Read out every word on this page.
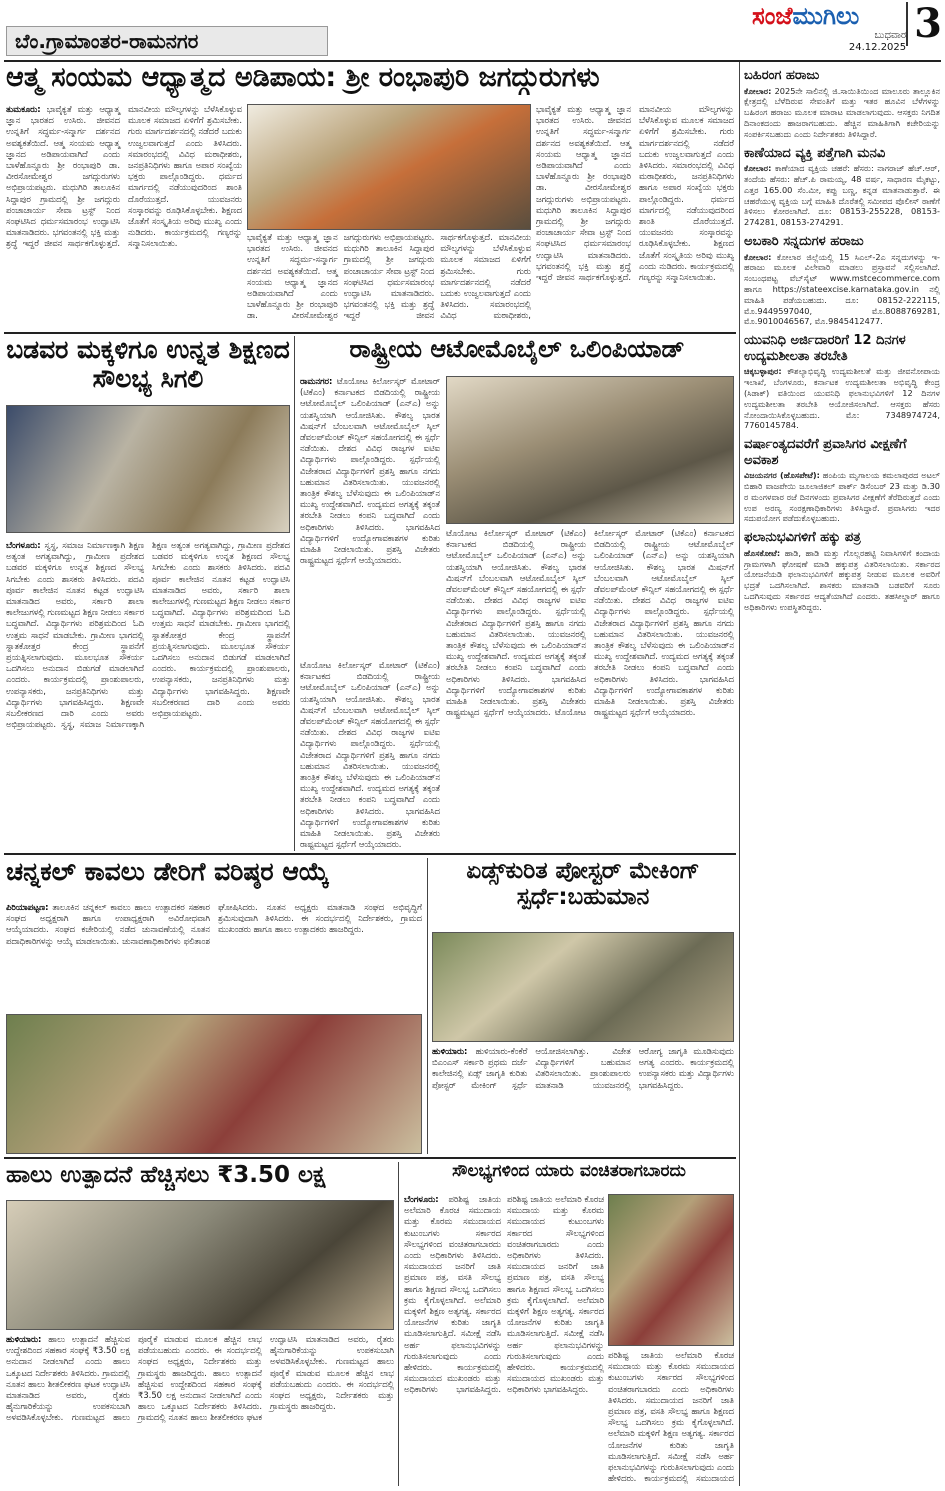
ಬೆಂ.ಗ್ರಾಮಾಂತರ-ರಾಮನಗರ
ಸಂಜೆಮುಗಿಲು
ಬುಧವಾರ
24.12.2025
3
ಆತ್ಮ ಸಂಯಮ ಆಧ್ಯಾತ್ಮದ ಅಡಿಪಾಯ: ಶ್ರೀ ರಂಭಾಪುರಿ ಜಗದ್ಗುರುಗಳು
ತುಮಕೂರು: ಭಾವೈಕ್ಯತೆ ಮತ್ತು ಆಧ್ಯಾತ್ಮ ಜ್ಞಾನ ಭಾರತದ ಉಸಿರು. ಜೀವನದ ಉನ್ನತಿಗೆ ಸದ್ಧರ್ಮ-ಸನ್ಮಾರ್ಗ ದರ್ಶನದ ಅವಶ್ಯಕತೆಯಿದೆ. ಆತ್ಮ ಸಂಯಮ ಆಧ್ಯಾತ್ಮ ಜ್ಞಾನದ ಅಡಿಪಾಯವಾಗಿದೆ ಎಂದು ಬಾಳೆಹೊನ್ನೂರು ಶ್ರೀ ರಂಭಾಪುರಿ ಡಾ. ವೀರಸೋಮೇಶ್ವರ ಜಗದ್ಗುರುಗಳು ಅಭಿಪ್ರಾಯಪಟ್ಟರು. ಮಧುಗಿರಿ ತಾಲೂಕಿನ ಸಿದ್ದಾಪುರ ಗ್ರಾಮದಲ್ಲಿ ಶ್ರೀ ಜಗದ್ಗುರು ಪಂಚಾಚಾರ್ಯ ಸೇವಾ ಟ್ರಸ್ಟ್ ನಿಂದ ಸಂಘಟಿಸಿದ ಧರ್ಮಸಮಾರಂಭ ಉದ್ಘಾಟಿಸಿ ಮಾತನಾಡಿದರು. ಭಗವಂತನಲ್ಲಿ ಭಕ್ತಿ ಮತ್ತು ಶ್ರದ್ಧೆ ಇದ್ದರೆ ಜೀವನ ಸಾರ್ಥಕಗೊಳ್ಳುತ್ತದೆ. ಮಾನವೀಯ ಮೌಲ್ಯಗಳನ್ನು ಬೆಳೆಸಿಕೊಳ್ಳುವ ಮೂಲಕ ಸಮಾಜದ ಏಳಿಗೆಗೆ ಶ್ರಮಿಸಬೇಕು. ಗುರು ಮಾರ್ಗದರ್ಶನದಲ್ಲಿ ನಡೆದರೆ ಬದುಕು ಉಜ್ವಲವಾಗುತ್ತದೆ ಎಂದು ತಿಳಿಸಿದರು. ಸಮಾರಂಭದಲ್ಲಿ ವಿವಿಧ ಮಠಾಧೀಶರು, ಜನಪ್ರತಿನಿಧಿಗಳು ಹಾಗೂ ಅಪಾರ ಸಂಖ್ಯೆಯ ಭಕ್ತರು ಪಾಲ್ಗೊಂಡಿದ್ದರು. ಧರ್ಮದ ಮಾರ್ಗದಲ್ಲಿ ನಡೆಯುವುದರಿಂದ ಶಾಂತಿ ದೊರೆಯುತ್ತದೆ. ಯುವಜನರು ಸಂಸ್ಕಾರವನ್ನು ರೂಢಿಸಿಕೊಳ್ಳಬೇಕು. ಶಿಕ್ಷಣದ ಜೊತೆಗೆ ಸಂಸ್ಕೃತಿಯ ಅರಿವು ಮುಖ್ಯ ಎಂದು ನುಡಿದರು. ಕಾರ್ಯಕ್ರಮದಲ್ಲಿ ಗಣ್ಯರನ್ನು ಸನ್ಮಾನಿಸಲಾಯಿತು.
ಭಾವೈಕ್ಯತೆ ಮತ್ತು ಆಧ್ಯಾತ್ಮ ಜ್ಞಾನ ಭಾರತದ ಉಸಿರು. ಜೀವನದ ಉನ್ನತಿಗೆ ಸದ್ಧರ್ಮ-ಸನ್ಮಾರ್ಗ ದರ್ಶನದ ಅವಶ್ಯಕತೆಯಿದೆ. ಆತ್ಮ ಸಂಯಮ ಆಧ್ಯಾತ್ಮ ಜ್ಞಾನದ ಅಡಿಪಾಯವಾಗಿದೆ ಎಂದು ಬಾಳೆಹೊನ್ನೂರು ಶ್ರೀ ರಂಭಾಪುರಿ ಡಾ. ವೀರಸೋಮೇಶ್ವರ ಜಗದ್ಗುರುಗಳು ಅಭಿಪ್ರಾಯಪಟ್ಟರು. ಮಧುಗಿರಿ ತಾಲೂಕಿನ ಸಿದ್ದಾಪುರ ಗ್ರಾಮದಲ್ಲಿ ಶ್ರೀ ಜಗದ್ಗುರು ಪಂಚಾಚಾರ್ಯ ಸೇವಾ ಟ್ರಸ್ಟ್ ನಿಂದ ಸಂಘಟಿಸಿದ ಧರ್ಮಸಮಾರಂಭ ಉದ್ಘಾಟಿಸಿ ಮಾತನಾಡಿದರು. ಭಗವಂತನಲ್ಲಿ ಭಕ್ತಿ ಮತ್ತು ಶ್ರದ್ಧೆ ಇದ್ದರೆ ಜೀವನ ಸಾರ್ಥಕಗೊಳ್ಳುತ್ತದೆ. ಮಾನವೀಯ ಮೌಲ್ಯಗಳನ್ನು ಬೆಳೆಸಿಕೊಳ್ಳುವ ಮೂಲಕ ಸಮಾಜದ ಏಳಿಗೆಗೆ ಶ್ರಮಿಸಬೇಕು. ಗುರು ಮಾರ್ಗದರ್ಶನದಲ್ಲಿ ನಡೆದರೆ ಬದುಕು ಉಜ್ವಲವಾಗುತ್ತದೆ ಎಂದು ತಿಳಿಸಿದರು. ಸಮಾರಂಭದಲ್ಲಿ ವಿವಿಧ ಮಠಾಧೀಶರು,
ಭಾವೈಕ್ಯತೆ ಮತ್ತು ಆಧ್ಯಾತ್ಮ ಜ್ಞಾನ ಭಾರತದ ಉಸಿರು. ಜೀವನದ ಉನ್ನತಿಗೆ ಸದ್ಧರ್ಮ-ಸನ್ಮಾರ್ಗ ದರ್ಶನದ ಅವಶ್ಯಕತೆಯಿದೆ. ಆತ್ಮ ಸಂಯಮ ಆಧ್ಯಾತ್ಮ ಜ್ಞಾನದ ಅಡಿಪಾಯವಾಗಿದೆ ಎಂದು ಬಾಳೆಹೊನ್ನೂರು ಶ್ರೀ ರಂಭಾಪುರಿ ಡಾ. ವೀರಸೋಮೇಶ್ವರ ಜಗದ್ಗುರುಗಳು ಅಭಿಪ್ರಾಯಪಟ್ಟರು. ಮಧುಗಿರಿ ತಾಲೂಕಿನ ಸಿದ್ದಾಪುರ ಗ್ರಾಮದಲ್ಲಿ ಶ್ರೀ ಜಗದ್ಗುರು ಪಂಚಾಚಾರ್ಯ ಸೇವಾ ಟ್ರಸ್ಟ್ ನಿಂದ ಸಂಘಟಿಸಿದ ಧರ್ಮಸಮಾರಂಭ ಉದ್ಘಾಟಿಸಿ ಮಾತನಾಡಿದರು. ಭಗವಂತನಲ್ಲಿ ಭಕ್ತಿ ಮತ್ತು ಶ್ರದ್ಧೆ ಇದ್ದರೆ ಜೀವನ ಸಾರ್ಥಕಗೊಳ್ಳುತ್ತದೆ. ಮಾನವೀಯ ಮೌಲ್ಯಗಳನ್ನು ಬೆಳೆಸಿಕೊಳ್ಳುವ ಮೂಲಕ ಸಮಾಜದ ಏಳಿಗೆಗೆ ಶ್ರಮಿಸಬೇಕು. ಗುರು ಮಾರ್ಗದರ್ಶನದಲ್ಲಿ ನಡೆದರೆ ಬದುಕು ಉಜ್ವಲವಾಗುತ್ತದೆ ಎಂದು ತಿಳಿಸಿದರು. ಸಮಾರಂಭದಲ್ಲಿ ವಿವಿಧ ಮಠಾಧೀಶರು, ಜನಪ್ರತಿನಿಧಿಗಳು ಹಾಗೂ ಅಪಾರ ಸಂಖ್ಯೆಯ ಭಕ್ತರು ಪಾಲ್ಗೊಂಡಿದ್ದರು. ಧರ್ಮದ ಮಾರ್ಗದಲ್ಲಿ ನಡೆಯುವುದರಿಂದ ಶಾಂತಿ ದೊರೆಯುತ್ತದೆ. ಯುವಜನರು ಸಂಸ್ಕಾರವನ್ನು ರೂಢಿಸಿಕೊಳ್ಳಬೇಕು. ಶಿಕ್ಷಣದ ಜೊತೆಗೆ ಸಂಸ್ಕೃತಿಯ ಅರಿವು ಮುಖ್ಯ ಎಂದು ನುಡಿದರು. ಕಾರ್ಯಕ್ರಮದಲ್ಲಿ ಗಣ್ಯರನ್ನು ಸನ್ಮಾನಿಸಲಾಯಿತು.
ಬಡವರ ಮಕ್ಕಳಿಗೂ ಉನ್ನತ ಶಿಕ್ಷಣದ ಸೌಲಭ್ಯ ಸಿಗಲಿ
ಬೆಂಗಳೂರು: ಸ್ವಸ್ಥ, ಸಮಾಜ ನಿರ್ಮಾಣಕ್ಕಾಗಿ ಶಿಕ್ಷಣ ಅತ್ಯಂತ ಅಗತ್ಯವಾಗಿದ್ದು, ಗ್ರಾಮೀಣ ಪ್ರದೇಶದ ಬಡವರ ಮಕ್ಕಳಿಗೂ ಉನ್ನತ ಶಿಕ್ಷಣದ ಸೌಲಭ್ಯ ಸಿಗಬೇಕು ಎಂದು ಶಾಸಕರು ತಿಳಿಸಿದರು. ಪದವಿ ಪೂರ್ವ ಕಾಲೇಜಿನ ನೂತನ ಕಟ್ಟಡ ಉದ್ಘಾಟಿಸಿ ಮಾತನಾಡಿದ ಅವರು, ಸರ್ಕಾರಿ ಶಾಲಾ ಕಾಲೇಜುಗಳಲ್ಲಿ ಗುಣಮಟ್ಟದ ಶಿಕ್ಷಣ ನೀಡಲು ಸರ್ಕಾರ ಬದ್ಧವಾಗಿದೆ. ವಿದ್ಯಾರ್ಥಿಗಳು ಪರಿಶ್ರಮದಿಂದ ಓದಿ ಉತ್ತಮ ಸಾಧನೆ ಮಾಡಬೇಕು. ಗ್ರಾಮೀಣ ಭಾಗದಲ್ಲಿ ಸ್ನಾತಕೋತ್ತರ ಕೇಂದ್ರ ಸ್ಥಾಪನೆಗೆ ಪ್ರಯತ್ನಿಸಲಾಗುವುದು. ಮೂಲಭೂತ ಸೌಕರ್ಯ ಒದಗಿಸಲು ಅನುದಾನ ಬಿಡುಗಡೆ ಮಾಡಲಾಗಿದೆ ಎಂದರು. ಕಾರ್ಯಕ್ರಮದಲ್ಲಿ ಪ್ರಾಂಶುಪಾಲರು, ಉಪನ್ಯಾಸಕರು, ಜನಪ್ರತಿನಿಧಿಗಳು ಮತ್ತು ವಿದ್ಯಾರ್ಥಿಗಳು ಭಾಗವಹಿಸಿದ್ದರು. ಶಿಕ್ಷಣವೇ ಸಬಲೀಕರಣದ ದಾರಿ ಎಂದು ಅವರು ಅಭಿಪ್ರಾಯಪಟ್ಟರು. ಸ್ವಸ್ಥ, ಸಮಾಜ ನಿರ್ಮಾಣಕ್ಕಾಗಿ ಶಿಕ್ಷಣ ಅತ್ಯಂತ ಅಗತ್ಯವಾಗಿದ್ದು, ಗ್ರಾಮೀಣ ಪ್ರದೇಶದ ಬಡವರ ಮಕ್ಕಳಿಗೂ ಉನ್ನತ ಶಿಕ್ಷಣದ ಸೌಲಭ್ಯ ಸಿಗಬೇಕು ಎಂದು ಶಾಸಕರು ತಿಳಿಸಿದರು. ಪದವಿ ಪೂರ್ವ ಕಾಲೇಜಿನ ನೂತನ ಕಟ್ಟಡ ಉದ್ಘಾಟಿಸಿ ಮಾತನಾಡಿದ ಅವರು, ಸರ್ಕಾರಿ ಶಾಲಾ ಕಾಲೇಜುಗಳಲ್ಲಿ ಗುಣಮಟ್ಟದ ಶಿಕ್ಷಣ ನೀಡಲು ಸರ್ಕಾರ ಬದ್ಧವಾಗಿದೆ. ವಿದ್ಯಾರ್ಥಿಗಳು ಪರಿಶ್ರಮದಿಂದ ಓದಿ ಉತ್ತಮ ಸಾಧನೆ ಮಾಡಬೇಕು. ಗ್ರಾಮೀಣ ಭಾಗದಲ್ಲಿ ಸ್ನಾತಕೋತ್ತರ ಕೇಂದ್ರ ಸ್ಥಾಪನೆಗೆ ಪ್ರಯತ್ನಿಸಲಾಗುವುದು. ಮೂಲಭೂತ ಸೌಕರ್ಯ ಒದಗಿಸಲು ಅನುದಾನ ಬಿಡುಗಡೆ ಮಾಡಲಾಗಿದೆ ಎಂದರು. ಕಾರ್ಯಕ್ರಮದಲ್ಲಿ ಪ್ರಾಂಶುಪಾಲರು, ಉಪನ್ಯಾಸಕರು, ಜನಪ್ರತಿನಿಧಿಗಳು ಮತ್ತು ವಿದ್ಯಾರ್ಥಿಗಳು ಭಾಗವಹಿಸಿದ್ದರು. ಶಿಕ್ಷಣವೇ ಸಬಲೀಕರಣದ ದಾರಿ ಎಂದು ಅವರು ಅಭಿಪ್ರಾಯಪಟ್ಟರು.
ರಾಷ್ಟ್ರೀಯ ಆಟೋಮೊಬೈಲ್ ಒಲಿಂಪಿಯಾಡ್
ರಾಮನಗರ: ಟೊಯೋಟ ಕಿರ್ಲೋಸ್ಕರ್ ಮೋಟಾರ್ (ಟಿಕೆಎಂ) ಕರ್ನಾಟಕದ ಬಿಡದಿಯಲ್ಲಿ ರಾಷ್ಟ್ರೀಯ ಆಟೋಮೊಬೈಲ್ ಒಲಿಂಪಿಯಾಡ್ (ಎನ್‌ಎ) ಅನ್ನು ಯಶಸ್ವಿಯಾಗಿ ಆಯೋಜಿಸಿತು. ಕೌಶಲ್ಯ ಭಾರತ ಮಿಷನ್‌ಗೆ ಬೆಂಬಲವಾಗಿ ಆಟೋಮೊಬೈಲ್ ಸ್ಕಿಲ್ ಡೆವಲಪ್‌ಮೆಂಟ್ ಕೌನ್ಸಿಲ್ ಸಹಯೋಗದಲ್ಲಿ ಈ ಸ್ಪರ್ಧೆ ನಡೆಯಿತು. ದೇಶದ ವಿವಿಧ ರಾಜ್ಯಗಳ ಐಟಿಐ ವಿದ್ಯಾರ್ಥಿಗಳು ಪಾಲ್ಗೊಂಡಿದ್ದರು. ಸ್ಪರ್ಧೆಯಲ್ಲಿ ವಿಜೇತರಾದ ವಿದ್ಯಾರ್ಥಿಗಳಿಗೆ ಪ್ರಶಸ್ತಿ ಹಾಗೂ ನಗದು ಬಹುಮಾನ ವಿತರಿಸಲಾಯಿತು. ಯುವಜನರಲ್ಲಿ ತಾಂತ್ರಿಕ ಕೌಶಲ್ಯ ಬೆಳೆಸುವುದು ಈ ಒಲಿಂಪಿಯಾಡ್‌ನ ಮುಖ್ಯ ಉದ್ದೇಶವಾಗಿದೆ. ಉದ್ಯಮದ ಅಗತ್ಯಕ್ಕೆ ತಕ್ಕಂತೆ ತರಬೇತಿ ನೀಡಲು ಕಂಪನಿ ಬದ್ಧವಾಗಿದೆ ಎಂದು ಅಧಿಕಾರಿಗಳು ತಿಳಿಸಿದರು. ಭಾಗವಹಿಸಿದ ವಿದ್ಯಾರ್ಥಿಗಳಿಗೆ ಉದ್ಯೋಗಾವಕಾಶಗಳ ಕುರಿತು ಮಾಹಿತಿ ನೀಡಲಾಯಿತು. ಪ್ರಶಸ್ತಿ ವಿಜೇತರು ರಾಷ್ಟ್ರಮಟ್ಟದ ಸ್ಪರ್ಧೆಗೆ ಆಯ್ಕೆಯಾದರು.
ಟೊಯೋಟ ಕಿರ್ಲೋಸ್ಕರ್ ಮೋಟಾರ್ (ಟಿಕೆಎಂ) ಕರ್ನಾಟಕದ ಬಿಡದಿಯಲ್ಲಿ ರಾಷ್ಟ್ರೀಯ ಆಟೋಮೊಬೈಲ್ ಒಲಿಂಪಿಯಾಡ್ (ಎನ್‌ಎ) ಅನ್ನು ಯಶಸ್ವಿಯಾಗಿ ಆಯೋಜಿಸಿತು. ಕೌಶಲ್ಯ ಭಾರತ ಮಿಷನ್‌ಗೆ ಬೆಂಬಲವಾಗಿ ಆಟೋಮೊಬೈಲ್ ಸ್ಕಿಲ್ ಡೆವಲಪ್‌ಮೆಂಟ್ ಕೌನ್ಸಿಲ್ ಸಹಯೋಗದಲ್ಲಿ ಈ ಸ್ಪರ್ಧೆ ನಡೆಯಿತು. ದೇಶದ ವಿವಿಧ ರಾಜ್ಯಗಳ ಐಟಿಐ ವಿದ್ಯಾರ್ಥಿಗಳು ಪಾಲ್ಗೊಂಡಿದ್ದರು. ಸ್ಪರ್ಧೆಯಲ್ಲಿ ವಿಜೇತರಾದ ವಿದ್ಯಾರ್ಥಿಗಳಿಗೆ ಪ್ರಶಸ್ತಿ ಹಾಗೂ ನಗದು ಬಹುಮಾನ ವಿತರಿಸಲಾಯಿತು. ಯುವಜನರಲ್ಲಿ ತಾಂತ್ರಿಕ ಕೌಶಲ್ಯ ಬೆಳೆಸುವುದು ಈ ಒಲಿಂಪಿಯಾಡ್‌ನ ಮುಖ್ಯ ಉದ್ದೇಶವಾಗಿದೆ. ಉದ್ಯಮದ ಅಗತ್ಯಕ್ಕೆ ತಕ್ಕಂತೆ ತರಬೇತಿ ನೀಡಲು ಕಂಪನಿ ಬದ್ಧವಾಗಿದೆ ಎಂದು ಅಧಿಕಾರಿಗಳು ತಿಳಿಸಿದರು. ಭಾಗವಹಿಸಿದ ವಿದ್ಯಾರ್ಥಿಗಳಿಗೆ ಉದ್ಯೋಗಾವಕಾಶಗಳ ಕುರಿತು ಮಾಹಿತಿ ನೀಡಲಾಯಿತು. ಪ್ರಶಸ್ತಿ ವಿಜೇತರು ರಾಷ್ಟ್ರಮಟ್ಟದ ಸ್ಪರ್ಧೆಗೆ ಆಯ್ಕೆಯಾದರು. ಟೊಯೋಟ ಕಿರ್ಲೋಸ್ಕರ್ ಮೋಟಾರ್ (ಟಿಕೆಎಂ) ಕರ್ನಾಟಕದ ಬಿಡದಿಯಲ್ಲಿ ರಾಷ್ಟ್ರೀಯ ಆಟೋಮೊಬೈಲ್ ಒಲಿಂಪಿಯಾಡ್ (ಎನ್‌ಎ) ಅನ್ನು ಯಶಸ್ವಿಯಾಗಿ ಆಯೋಜಿಸಿತು. ಕೌಶಲ್ಯ ಭಾರತ ಮಿಷನ್‌ಗೆ ಬೆಂಬಲವಾಗಿ ಆಟೋಮೊಬೈಲ್ ಸ್ಕಿಲ್ ಡೆವಲಪ್‌ಮೆಂಟ್ ಕೌನ್ಸಿಲ್ ಸಹಯೋಗದಲ್ಲಿ ಈ ಸ್ಪರ್ಧೆ ನಡೆಯಿತು. ದೇಶದ ವಿವಿಧ ರಾಜ್ಯಗಳ ಐಟಿಐ ವಿದ್ಯಾರ್ಥಿಗಳು ಪಾಲ್ಗೊಂಡಿದ್ದರು. ಸ್ಪರ್ಧೆಯಲ್ಲಿ ವಿಜೇತರಾದ ವಿದ್ಯಾರ್ಥಿಗಳಿಗೆ ಪ್ರಶಸ್ತಿ ಹಾಗೂ ನಗದು ಬಹುಮಾನ ವಿತರಿಸಲಾಯಿತು. ಯುವಜನರಲ್ಲಿ ತಾಂತ್ರಿಕ ಕೌಶಲ್ಯ ಬೆಳೆಸುವುದು ಈ ಒಲಿಂಪಿಯಾಡ್‌ನ ಮುಖ್ಯ ಉದ್ದೇಶವಾಗಿದೆ. ಉದ್ಯಮದ ಅಗತ್ಯಕ್ಕೆ ತಕ್ಕಂತೆ ತರಬೇತಿ ನೀಡಲು ಕಂಪನಿ ಬದ್ಧವಾಗಿದೆ ಎಂದು ಅಧಿಕಾರಿಗಳು ತಿಳಿಸಿದರು. ಭಾಗವಹಿಸಿದ ವಿದ್ಯಾರ್ಥಿಗಳಿಗೆ ಉದ್ಯೋಗಾವಕಾಶಗಳ ಕುರಿತು ಮಾಹಿತಿ ನೀಡಲಾಯಿತು. ಪ್ರಶಸ್ತಿ ವಿಜೇತರು ರಾಷ್ಟ್ರಮಟ್ಟದ ಸ್ಪರ್ಧೆಗೆ ಆಯ್ಕೆಯಾದರು.
ಟೊಯೋಟ ಕಿರ್ಲೋಸ್ಕರ್ ಮೋಟಾರ್ (ಟಿಕೆಎಂ) ಕರ್ನಾಟಕದ ಬಿಡದಿಯಲ್ಲಿ ರಾಷ್ಟ್ರೀಯ ಆಟೋಮೊಬೈಲ್ ಒಲಿಂಪಿಯಾಡ್ (ಎನ್‌ಎ) ಅನ್ನು ಯಶಸ್ವಿಯಾಗಿ ಆಯೋಜಿಸಿತು. ಕೌಶಲ್ಯ ಭಾರತ ಮಿಷನ್‌ಗೆ ಬೆಂಬಲವಾಗಿ ಆಟೋಮೊಬೈಲ್ ಸ್ಕಿಲ್ ಡೆವಲಪ್‌ಮೆಂಟ್ ಕೌನ್ಸಿಲ್ ಸಹಯೋಗದಲ್ಲಿ ಈ ಸ್ಪರ್ಧೆ ನಡೆಯಿತು. ದೇಶದ ವಿವಿಧ ರಾಜ್ಯಗಳ ಐಟಿಐ ವಿದ್ಯಾರ್ಥಿಗಳು ಪಾಲ್ಗೊಂಡಿದ್ದರು. ಸ್ಪರ್ಧೆಯಲ್ಲಿ ವಿಜೇತರಾದ ವಿದ್ಯಾರ್ಥಿಗಳಿಗೆ ಪ್ರಶಸ್ತಿ ಹಾಗೂ ನಗದು ಬಹುಮಾನ ವಿತರಿಸಲಾಯಿತು. ಯುವಜನರಲ್ಲಿ ತಾಂತ್ರಿಕ ಕೌಶಲ್ಯ ಬೆಳೆಸುವುದು ಈ ಒಲಿಂಪಿಯಾಡ್‌ನ ಮುಖ್ಯ ಉದ್ದೇಶವಾಗಿದೆ. ಉದ್ಯಮದ ಅಗತ್ಯಕ್ಕೆ ತಕ್ಕಂತೆ ತರಬೇತಿ ನೀಡಲು ಕಂಪನಿ ಬದ್ಧವಾಗಿದೆ ಎಂದು ಅಧಿಕಾರಿಗಳು ತಿಳಿಸಿದರು. ಭಾಗವಹಿಸಿದ ವಿದ್ಯಾರ್ಥಿಗಳಿಗೆ ಉದ್ಯೋಗಾವಕಾಶಗಳ ಕುರಿತು ಮಾಹಿತಿ ನೀಡಲಾಯಿತು. ಪ್ರಶಸ್ತಿ ವಿಜೇತರು ರಾಷ್ಟ್ರಮಟ್ಟದ ಸ್ಪರ್ಧೆಗೆ ಆಯ್ಕೆಯಾದರು.
ಚನ್ನಕಲ್ ಕಾವಲು ಡೇರಿಗೆ ವರಿಷ್ಠರ ಆಯ್ಕೆ
ಪಿರಿಯಾಪಟ್ಟಣ: ತಾಲೂಕಿನ ಚನ್ನಕಲ್ ಕಾವಲು ಹಾಲು ಉತ್ಪಾದಕರ ಸಹಕಾರ ಸಂಘದ ಅಧ್ಯಕ್ಷರಾಗಿ ಹಾಗೂ ಉಪಾಧ್ಯಕ್ಷರಾಗಿ ಅವಿರೋಧವಾಗಿ ಆಯ್ಕೆಯಾದರು. ಸಂಘದ ಕಚೇರಿಯಲ್ಲಿ ನಡೆದ ಚುನಾವಣೆಯಲ್ಲಿ ನೂತನ ಪದಾಧಿಕಾರಿಗಳನ್ನು ಆಯ್ಕೆ ಮಾಡಲಾಯಿತು. ಚುನಾವಣಾಧಿಕಾರಿಗಳು ಫಲಿತಾಂಶ ಘೋಷಿಸಿದರು. ನೂತನ ಅಧ್ಯಕ್ಷರು ಮಾತನಾಡಿ ಸಂಘದ ಅಭಿವೃದ್ಧಿಗೆ ಶ್ರಮಿಸುವುದಾಗಿ ತಿಳಿಸಿದರು. ಈ ಸಂದರ್ಭದಲ್ಲಿ ನಿರ್ದೇಶಕರು, ಗ್ರಾಮದ ಮುಖಂಡರು ಹಾಗೂ ಹಾಲು ಉತ್ಪಾದಕರು ಹಾಜರಿದ್ದರು.
ಏಡ್ಸ್‌ಕುರಿತ ಪೋಸ್ಟರ್ ಮೇಕಿಂಗ್ ಸ್ಪರ್ಧೆ:ಬಹುಮಾನ
ಹುಳಿಯಾರು: ಹುಳಿಯಾರು-ಕೆಂಕೆರೆ ಬಿಎಂಎಸ್ ಸರ್ಕಾರಿ ಪ್ರಥಮ ದರ್ಜೆ ಕಾಲೇಜಿನಲ್ಲಿ ಏಡ್ಸ್ ಜಾಗೃತಿ ಕುರಿತು ಪೋಸ್ಟರ್ ಮೇಕಿಂಗ್ ಸ್ಪರ್ಧೆ ಆಯೋಜಿಸಲಾಗಿತ್ತು. ವಿಜೇತ ವಿದ್ಯಾರ್ಥಿಗಳಿಗೆ ಬಹುಮಾನ ವಿತರಿಸಲಾಯಿತು. ಪ್ರಾಂಶುಪಾಲರು ಮಾತನಾಡಿ ಯುವಜನರಲ್ಲಿ ಆರೋಗ್ಯ ಜಾಗೃತಿ ಮೂಡಿಸುವುದು ಅಗತ್ಯ ಎಂದರು. ಕಾರ್ಯಕ್ರಮದಲ್ಲಿ ಉಪನ್ಯಾಸಕರು ಮತ್ತು ವಿದ್ಯಾರ್ಥಿಗಳು ಭಾಗವಹಿಸಿದ್ದರು.
ಹಾಲು ಉತ್ಪಾದನೆ ಹೆಚ್ಚಿಸಲು ₹3.50 ಲಕ್ಷ
ಹುಳಿಯಾರು: ಹಾಲು ಉತ್ಪಾದನೆ ಹೆಚ್ಚಿಸುವ ಉದ್ದೇಶದಿಂದ ಸಹಕಾರ ಸಂಘಕ್ಕೆ ₹3.50 ಲಕ್ಷ ಅನುದಾನ ನೀಡಲಾಗಿದೆ ಎಂದು ಹಾಲು ಒಕ್ಕೂಟದ ನಿರ್ದೇಶಕರು ತಿಳಿಸಿದರು. ಗ್ರಾಮದಲ್ಲಿ ನೂತನ ಹಾಲು ಶೀತಲೀಕರಣ ಘಟಕ ಉದ್ಘಾಟಿಸಿ ಮಾತನಾಡಿದ ಅವರು, ರೈತರು ಹೈನುಗಾರಿಕೆಯನ್ನು ಉಪಕಸುಬಾಗಿ ಅಳವಡಿಸಿಕೊಳ್ಳಬೇಕು. ಗುಣಮಟ್ಟದ ಹಾಲು ಪೂರೈಕೆ ಮಾಡುವ ಮೂಲಕ ಹೆಚ್ಚಿನ ಲಾಭ ಪಡೆಯಬಹುದು ಎಂದರು. ಈ ಸಂದರ್ಭದಲ್ಲಿ ಸಂಘದ ಅಧ್ಯಕ್ಷರು, ನಿರ್ದೇಶಕರು ಮತ್ತು ಗ್ರಾಮಸ್ಥರು ಹಾಜರಿದ್ದರು. ಹಾಲು ಉತ್ಪಾದನೆ ಹೆಚ್ಚಿಸುವ ಉದ್ದೇಶದಿಂದ ಸಹಕಾರ ಸಂಘಕ್ಕೆ ₹3.50 ಲಕ್ಷ ಅನುದಾನ ನೀಡಲಾಗಿದೆ ಎಂದು ಹಾಲು ಒಕ್ಕೂಟದ ನಿರ್ದೇಶಕರು ತಿಳಿಸಿದರು. ಗ್ರಾಮದಲ್ಲಿ ನೂತನ ಹಾಲು ಶೀತಲೀಕರಣ ಘಟಕ ಉದ್ಘಾಟಿಸಿ ಮಾತನಾಡಿದ ಅವರು, ರೈತರು ಹೈನುಗಾರಿಕೆಯನ್ನು ಉಪಕಸುಬಾಗಿ ಅಳವಡಿಸಿಕೊಳ್ಳಬೇಕು. ಗುಣಮಟ್ಟದ ಹಾಲು ಪೂರೈಕೆ ಮಾಡುವ ಮೂಲಕ ಹೆಚ್ಚಿನ ಲಾಭ ಪಡೆಯಬಹುದು ಎಂದರು. ಈ ಸಂದರ್ಭದಲ್ಲಿ ಸಂಘದ ಅಧ್ಯಕ್ಷರು, ನಿರ್ದೇಶಕರು ಮತ್ತು ಗ್ರಾಮಸ್ಥರು ಹಾಜರಿದ್ದರು.
ಸೌಲಭ್ಯಗಳಿಂದ ಯಾರು ವಂಚಿತರಾಗಬಾರದು
ಬೆಂಗಳೂರು: ಪರಿಶಿಷ್ಟ ಜಾತಿಯ ಅಲೆಮಾರಿ ಕೊರಚ ಸಮುದಾಯ ಮತ್ತು ಕೊರಮ ಸಮುದಾಯದ ಕುಟುಂಬಗಳು ಸರ್ಕಾರದ ಸೌಲಭ್ಯಗಳಿಂದ ವಂಚಿತರಾಗಬಾರದು ಎಂದು ಅಧಿಕಾರಿಗಳು ತಿಳಿಸಿದರು. ಸಮುದಾಯದ ಜನರಿಗೆ ಜಾತಿ ಪ್ರಮಾಣ ಪತ್ರ, ವಸತಿ ಸೌಲಭ್ಯ ಹಾಗೂ ಶಿಕ್ಷಣದ ಸೌಲಭ್ಯ ಒದಗಿಸಲು ಕ್ರಮ ಕೈಗೊಳ್ಳಲಾಗಿದೆ. ಅಲೆಮಾರಿ ಮಕ್ಕಳಿಗೆ ಶಿಕ್ಷಣ ಅತ್ಯಗತ್ಯ. ಸರ್ಕಾರದ ಯೋಜನೆಗಳ ಕುರಿತು ಜಾಗೃತಿ ಮೂಡಿಸಲಾಗುತ್ತಿದೆ. ಸಮೀಕ್ಷೆ ನಡೆಸಿ ಅರ್ಹ ಫಲಾನುಭವಿಗಳನ್ನು ಗುರುತಿಸಲಾಗುವುದು ಎಂದು ಹೇಳಿದರು. ಕಾರ್ಯಕ್ರಮದಲ್ಲಿ ಸಮುದಾಯದ ಮುಖಂಡರು ಮತ್ತು ಅಧಿಕಾರಿಗಳು ಭಾಗವಹಿಸಿದ್ದರು. ಪರಿಶಿಷ್ಟ ಜಾತಿಯ ಅಲೆಮಾರಿ ಕೊರಚ ಸಮುದಾಯ ಮತ್ತು ಕೊರಮ ಸಮುದಾಯದ ಕುಟುಂಬಗಳು ಸರ್ಕಾರದ ಸೌಲಭ್ಯಗಳಿಂದ ವಂಚಿತರಾಗಬಾರದು ಎಂದು ಅಧಿಕಾರಿಗಳು ತಿಳಿಸಿದರು. ಸಮುದಾಯದ ಜನರಿಗೆ ಜಾತಿ ಪ್ರಮಾಣ ಪತ್ರ, ವಸತಿ ಸೌಲಭ್ಯ ಹಾಗೂ ಶಿಕ್ಷಣದ ಸೌಲಭ್ಯ ಒದಗಿಸಲು ಕ್ರಮ ಕೈಗೊಳ್ಳಲಾಗಿದೆ. ಅಲೆಮಾರಿ ಮಕ್ಕಳಿಗೆ ಶಿಕ್ಷಣ ಅತ್ಯಗತ್ಯ. ಸರ್ಕಾರದ ಯೋಜನೆಗಳ ಕುರಿತು ಜಾಗೃತಿ ಮೂಡಿಸಲಾಗುತ್ತಿದೆ. ಸಮೀಕ್ಷೆ ನಡೆಸಿ ಅರ್ಹ ಫಲಾನುಭವಿಗಳನ್ನು ಗುರುತಿಸಲಾಗುವುದು ಎಂದು ಹೇಳಿದರು. ಕಾರ್ಯಕ್ರಮದಲ್ಲಿ ಸಮುದಾಯದ ಮುಖಂಡರು ಮತ್ತು ಅಧಿಕಾರಿಗಳು ಭಾಗವಹಿಸಿದ್ದರು.
ಪರಿಶಿಷ್ಟ ಜಾತಿಯ ಅಲೆಮಾರಿ ಕೊರಚ ಸಮುದಾಯ ಮತ್ತು ಕೊರಮ ಸಮುದಾಯದ ಕುಟುಂಬಗಳು ಸರ್ಕಾರದ ಸೌಲಭ್ಯಗಳಿಂದ ವಂಚಿತರಾಗಬಾರದು ಎಂದು ಅಧಿಕಾರಿಗಳು ತಿಳಿಸಿದರು. ಸಮುದಾಯದ ಜನರಿಗೆ ಜಾತಿ ಪ್ರಮಾಣ ಪತ್ರ, ವಸತಿ ಸೌಲಭ್ಯ ಹಾಗೂ ಶಿಕ್ಷಣದ ಸೌಲಭ್ಯ ಒದಗಿಸಲು ಕ್ರಮ ಕೈಗೊಳ್ಳಲಾಗಿದೆ. ಅಲೆಮಾರಿ ಮಕ್ಕಳಿಗೆ ಶಿಕ್ಷಣ ಅತ್ಯಗತ್ಯ. ಸರ್ಕಾರದ ಯೋಜನೆಗಳ ಕುರಿತು ಜಾಗೃತಿ ಮೂಡಿಸಲಾಗುತ್ತಿದೆ. ಸಮೀಕ್ಷೆ ನಡೆಸಿ ಅರ್ಹ ಫಲಾನುಭವಿಗಳನ್ನು ಗುರುತಿಸಲಾಗುವುದು ಎಂದು ಹೇಳಿದರು. ಕಾರ್ಯಕ್ರಮದಲ್ಲಿ ಸಮುದಾಯದ
ಬಹಿರಂಗ ಹರಾಜು
ಕೋಲಾರ: 2025ನೇ ಸಾಲಿನಲ್ಲಿ ಜಿ.ಸಾಯಿತಿಯಿಂದ ಮಾಲೂರು ತಾಲ್ಲೂಕಿನ ಕ್ಷೇತ್ರದಲ್ಲಿ ಬೆಳೆದಿರುವ ಸೇವಂತಿಗೆ ಮತ್ತು ಇತರ ಹೂವಿನ ಬೆಳೆಗಳನ್ನು ಬಹಿರಂಗ ಹರಾಜು ಮೂಲಕ ಮಾರಾಟ ಮಾಡಲಾಗುವುದು. ಆಸಕ್ತರು ನಿಗದಿತ ದಿನಾಂಕದಂದು ಹಾಜರಾಗಬಹುದು. ಹೆಚ್ಚಿನ ಮಾಹಿತಿಗಾಗಿ ಕಚೇರಿಯನ್ನು ಸಂಪರ್ಕಿಸಬಹುದು ಎಂದು ನಿರ್ದೇಶಕರು ತಿಳಿಸಿದ್ದಾರೆ.
ಕಾಣೆಯಾದ ವ್ಯಕ್ತಿ ಪತ್ತೆಗಾಗಿ ಮನವಿ
ಕೋಲಾರ: ಕಾಣೆಯಾದ ವ್ಯಕ್ತಿಯ ಚಹರೆ: ಹೆಸರು: ನಾಗರಾಜ್ ಹೆಚ್.ಆರ್, ತಂದೆಯ ಹೆಸರು: ಹೆಚ್.ಪಿ ರಾಮಯ್ಯ, 48 ವರ್ಷ, ಸಾಧಾರಣ ಮೈಕಟ್ಟು, ಎತ್ತರ 165.00 ಸೆಂ.ಮೀ, ಕಪ್ಪು ಬಣ್ಣ, ಕನ್ನಡ ಮಾತನಾಡುತ್ತಾರೆ. ಈ ಚಹರೆಯುಳ್ಳ ವ್ಯಕ್ತಿಯ ಬಗ್ಗೆ ಮಾಹಿತಿ ದೊರೆತಲ್ಲಿ ಸಮೀಪದ ಪೊಲೀಸ್ ಠಾಣೆಗೆ ತಿಳಿಸಲು ಕೋರಲಾಗಿದೆ. ದೂ: 08153-255228, 08153-274281, 08153-274291.
ಅಬಕಾರಿ ಸನ್ನದುಗಳ ಹರಾಜು
ಕೋಲಾರ: ಕೋಲಾರ ಜಿಲ್ಲೆಯಲ್ಲಿ 15 ಸಿಎಲ್-2ಎ ಸನ್ನದುಗಳನ್ನು ಇ-ಹರಾಜು ಮೂಲಕ ವಿಲೇವಾರಿ ಮಾಡಲು ಪ್ರಸ್ತಾವನೆ ಸಲ್ಲಿಸಲಾಗಿದೆ. ಸಂಬಂಧಪಟ್ಟ ವೆಬ್‌ಸೈಟ್ www.mstcecommerce.com ಹಾಗೂ https://stateexcise.karnataka.gov.in ನಲ್ಲಿ ಮಾಹಿತಿ ಪಡೆಯಬಹುದು. ದೂ: 08152-222115, ಮೊ.9449597040, ಮೊ.8088769281, ಮೊ.9010046567, ಮೊ.9845412477.
ಯುವನಿಧಿ ಅರ್ಜಿದಾರರಿಗೆ 12 ದಿನಗಳ ಉದ್ಯಮಶೀಲತಾ ತರಬೇತಿ
ಚಿಕ್ಕಬಳ್ಳಾಪುರ: ಕೌಶಲ್ಯಾಭಿವೃದ್ಧಿ ಉದ್ಯಮಶೀಲತೆ ಮತ್ತು ಜೀವನೋಪಾಯ ಇಲಾಖೆ, ಬೆಂಗಳೂರು, ಕರ್ನಾಟಕ ಉದ್ಯಮಶೀಲತಾ ಅಭಿವೃದ್ಧಿ ಕೇಂದ್ರ (ಸಿಡಾಕ್) ವತಿಯಿಂದ ಯುವನಿಧಿ ಫಲಾನುಭವಿಗಳಿಗೆ 12 ದಿನಗಳ ಉದ್ಯಮಶೀಲತಾ ತರಬೇತಿ ಆಯೋಜಿಸಲಾಗಿದೆ. ಆಸಕ್ತರು ಹೆಸರು ನೋಂದಾಯಿಸಿಕೊಳ್ಳಬಹುದು. ಮೊ: 7348974724, 7760145784.
ವರ್ಷಾಂತ್ಯದವರೆಗೆ ಪ್ರವಾಸಿಗರ ವೀಕ್ಷಣೆಗೆ ಅವಕಾಶ
ವಿಜಯನಗರ (ಹೊಸಪೇಟೆ): ಹಂಪಿಯ ಮೃಗಾಲಯ ಕಮಲಾಪುರದ ಅಟಲ್ ಬಿಹಾರಿ ವಾಜಪೇಯಿ ಜೂಲಾಜಿಕಲ್ ಪಾರ್ಕ್ ಡಿಸೆಂಬರ್ 23 ಮತ್ತು ಡಿ.30 ರ ಮಂಗಳವಾರ ರಜೆ ದಿನಗಳಂದು ಪ್ರವಾಸಿಗರ ವೀಕ್ಷಣೆಗೆ ತೆರೆದಿರುತ್ತದೆ ಎಂದು ಉಪ ಅರಣ್ಯ ಸಂರಕ್ಷಣಾಧಿಕಾರಿಗಳು ತಿಳಿಸಿದ್ದಾರೆ. ಪ್ರವಾಸಿಗರು ಇದರ ಸದುಪಯೋಗ ಪಡೆದುಕೊಳ್ಳಬಹುದು.
ಫಲಾನುಭವಿಗಳಿಗೆ ಹಕ್ಕು ಪತ್ರ
ಹೊಸಕೋಟೆ: ಹಾಡಿ, ಹಾಡಿ ಮತ್ತು ಗೊಲ್ಲರಹಟ್ಟಿ ನಿವಾಸಿಗಳಿಗೆ ಕಂದಾಯ ಗ್ರಾಮಗಳಾಗಿ ಘೋಷಣೆ ಮಾಡಿ ಹಕ್ಕುಪತ್ರ ವಿತರಿಸಲಾಯಿತು. ಸರ್ಕಾರದ ಯೋಜನೆಯಡಿ ಫಲಾನುಭವಿಗಳಿಗೆ ಹಕ್ಕುಪತ್ರ ನೀಡುವ ಮೂಲಕ ಅವರಿಗೆ ಭದ್ರತೆ ಒದಗಿಸಲಾಗಿದೆ. ಶಾಸಕರು ಮಾತನಾಡಿ ಬಡವರಿಗೆ ಸೂರು ಒದಗಿಸುವುದು ಸರ್ಕಾರದ ಆದ್ಯತೆಯಾಗಿದೆ ಎಂದರು. ತಹಸೀಲ್ದಾರ್ ಹಾಗೂ ಅಧಿಕಾರಿಗಳು ಉಪಸ್ಥಿತರಿದ್ದರು.
